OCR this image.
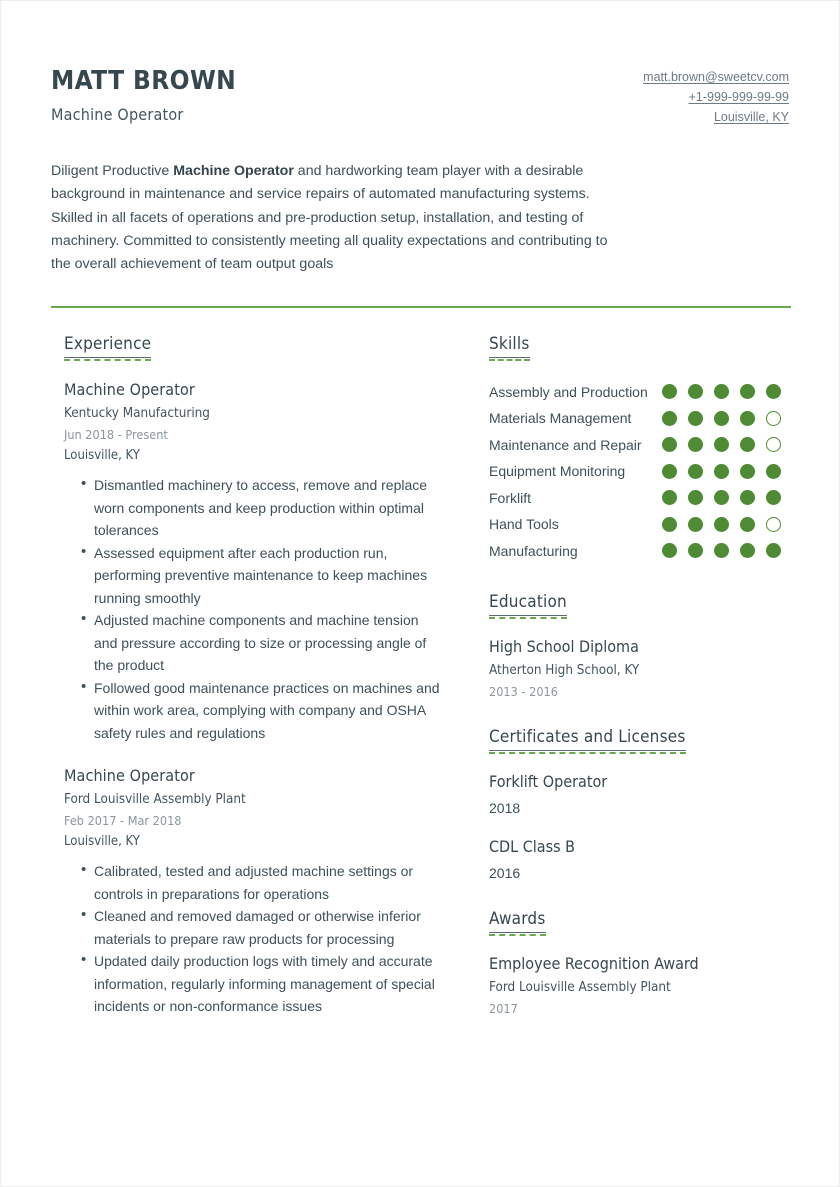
MATT BROWN
Machine Operator
matt.brown@sweetcv.com
+1-999-999-99-99
Louisville, KY
Diligent Productive Machine Operator and hardworking team player with a desirable background in maintenance and service repairs of automated manufacturing systems. Skilled in all facets of operations and pre-production setup, installation, and testing of machinery. Committed to consistently meeting all quality expectations and contributing to the overall achievement of team output goals
Experience
Machine Operator
Kentucky Manufacturing
Jun 2018 - Present
Louisville, KY
• Dismantled machinery to access, remove and replace worn components and keep production within optimal tolerances
• Assessed equipment after each production run, performing preventive maintenance to keep machines running smoothly
• Adjusted machine components and machine tension and pressure according to size or processing angle of the product
• Followed good maintenance practices on machines and within work area, complying with company and OSHA safety rules and regulations
Machine Operator
Ford Louisville Assembly Plant
Feb 2017 - Mar 2018
Louisville, KY
• Calibrated, tested and adjusted machine settings or controls in preparations for operations
• Cleaned and removed damaged or otherwise inferior materials to prepare raw products for processing
• Updated daily production logs with timely and accurate information, regularly informing management of special incidents or non-conformance issues
Skills
Assembly and Production
Materials Management
Maintenance and Repair
Equipment Monitoring
Forklift
Hand Tools
Manufacturing
Education
High School Diploma
Atherton High School, KY
2013 - 2016
Certificates and Licenses
Forklift Operator
2018
CDL Class B
2016
Awards
Employee Recognition Award
Ford Louisville Assembly Plant
2017
